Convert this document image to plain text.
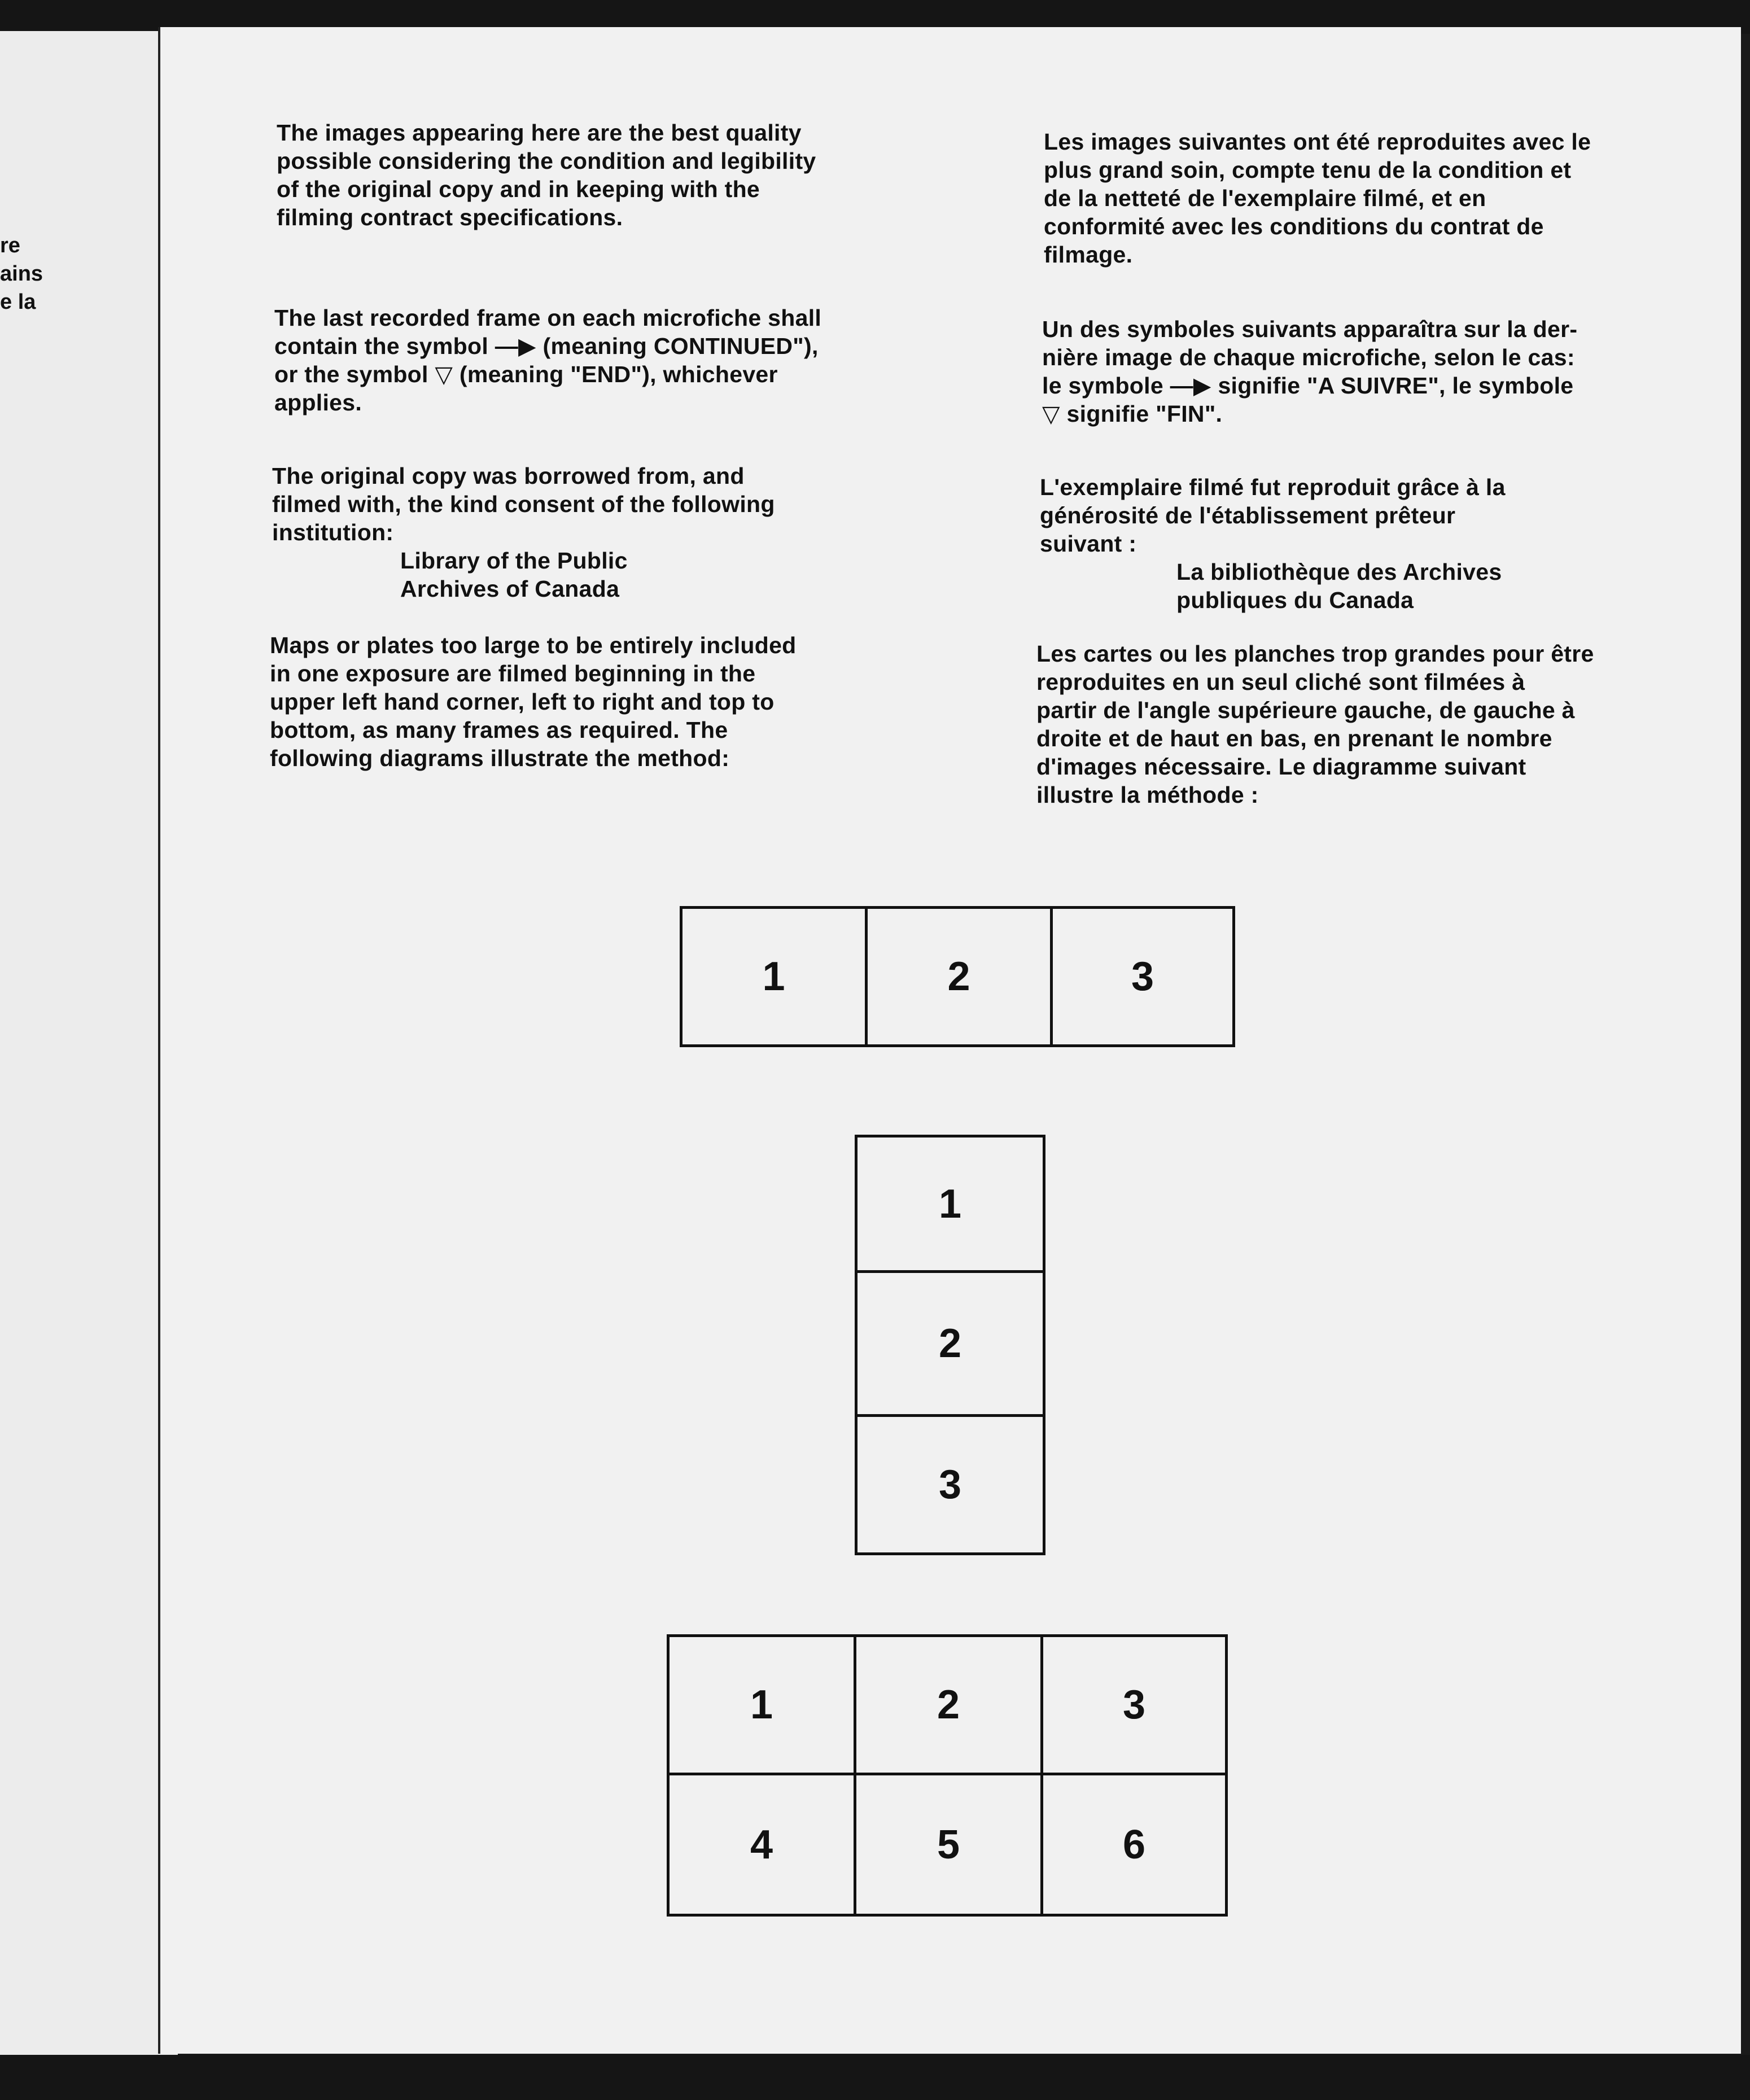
re
ains
e la
The images appearing here are the best quality
possible considering the condition and legibility
of the original copy and in keeping with the
filming contract specifications.
The last recorded frame on each microfiche shall
contain the symbol —▶ (meaning CONTINUED"),
or the symbol ▽ (meaning "END"), whichever
applies.
The original copy was borrowed from, and
filmed with, the kind consent of the following
institution:
Library of the Public
Archives of Canada
Maps or plates too large to be entirely included
in one exposure are filmed beginning in the
upper left hand corner, left to right and top to
bottom, as many frames as required. The
following diagrams illustrate the method:
Les images suivantes ont été reproduites avec le
plus grand soin, compte tenu de la condition et
de la netteté de l'exemplaire filmé, et en
conformité avec les conditions du contrat de
filmage.
Un des symboles suivants apparaîtra sur la der-
nière image de chaque microfiche, selon le cas:
le symbole —▶ signifie "A SUIVRE", le symbole
▽ signifie "FIN".
L'exemplaire filmé fut reproduit grâce à la
générosité de l'établissement prêteur
suivant :
La bibliothèque des Archives
publiques du Canada
Les cartes ou les planches trop grandes pour être
reproduites en un seul cliché sont filmées à
partir de l'angle supérieure gauche, de gauche à
droite et de haut en bas, en prenant le nombre
d'images nécessaire. Le diagramme suivant
illustre la méthode :
1	2	3
1
2
3
1	2	3
4	5	6
